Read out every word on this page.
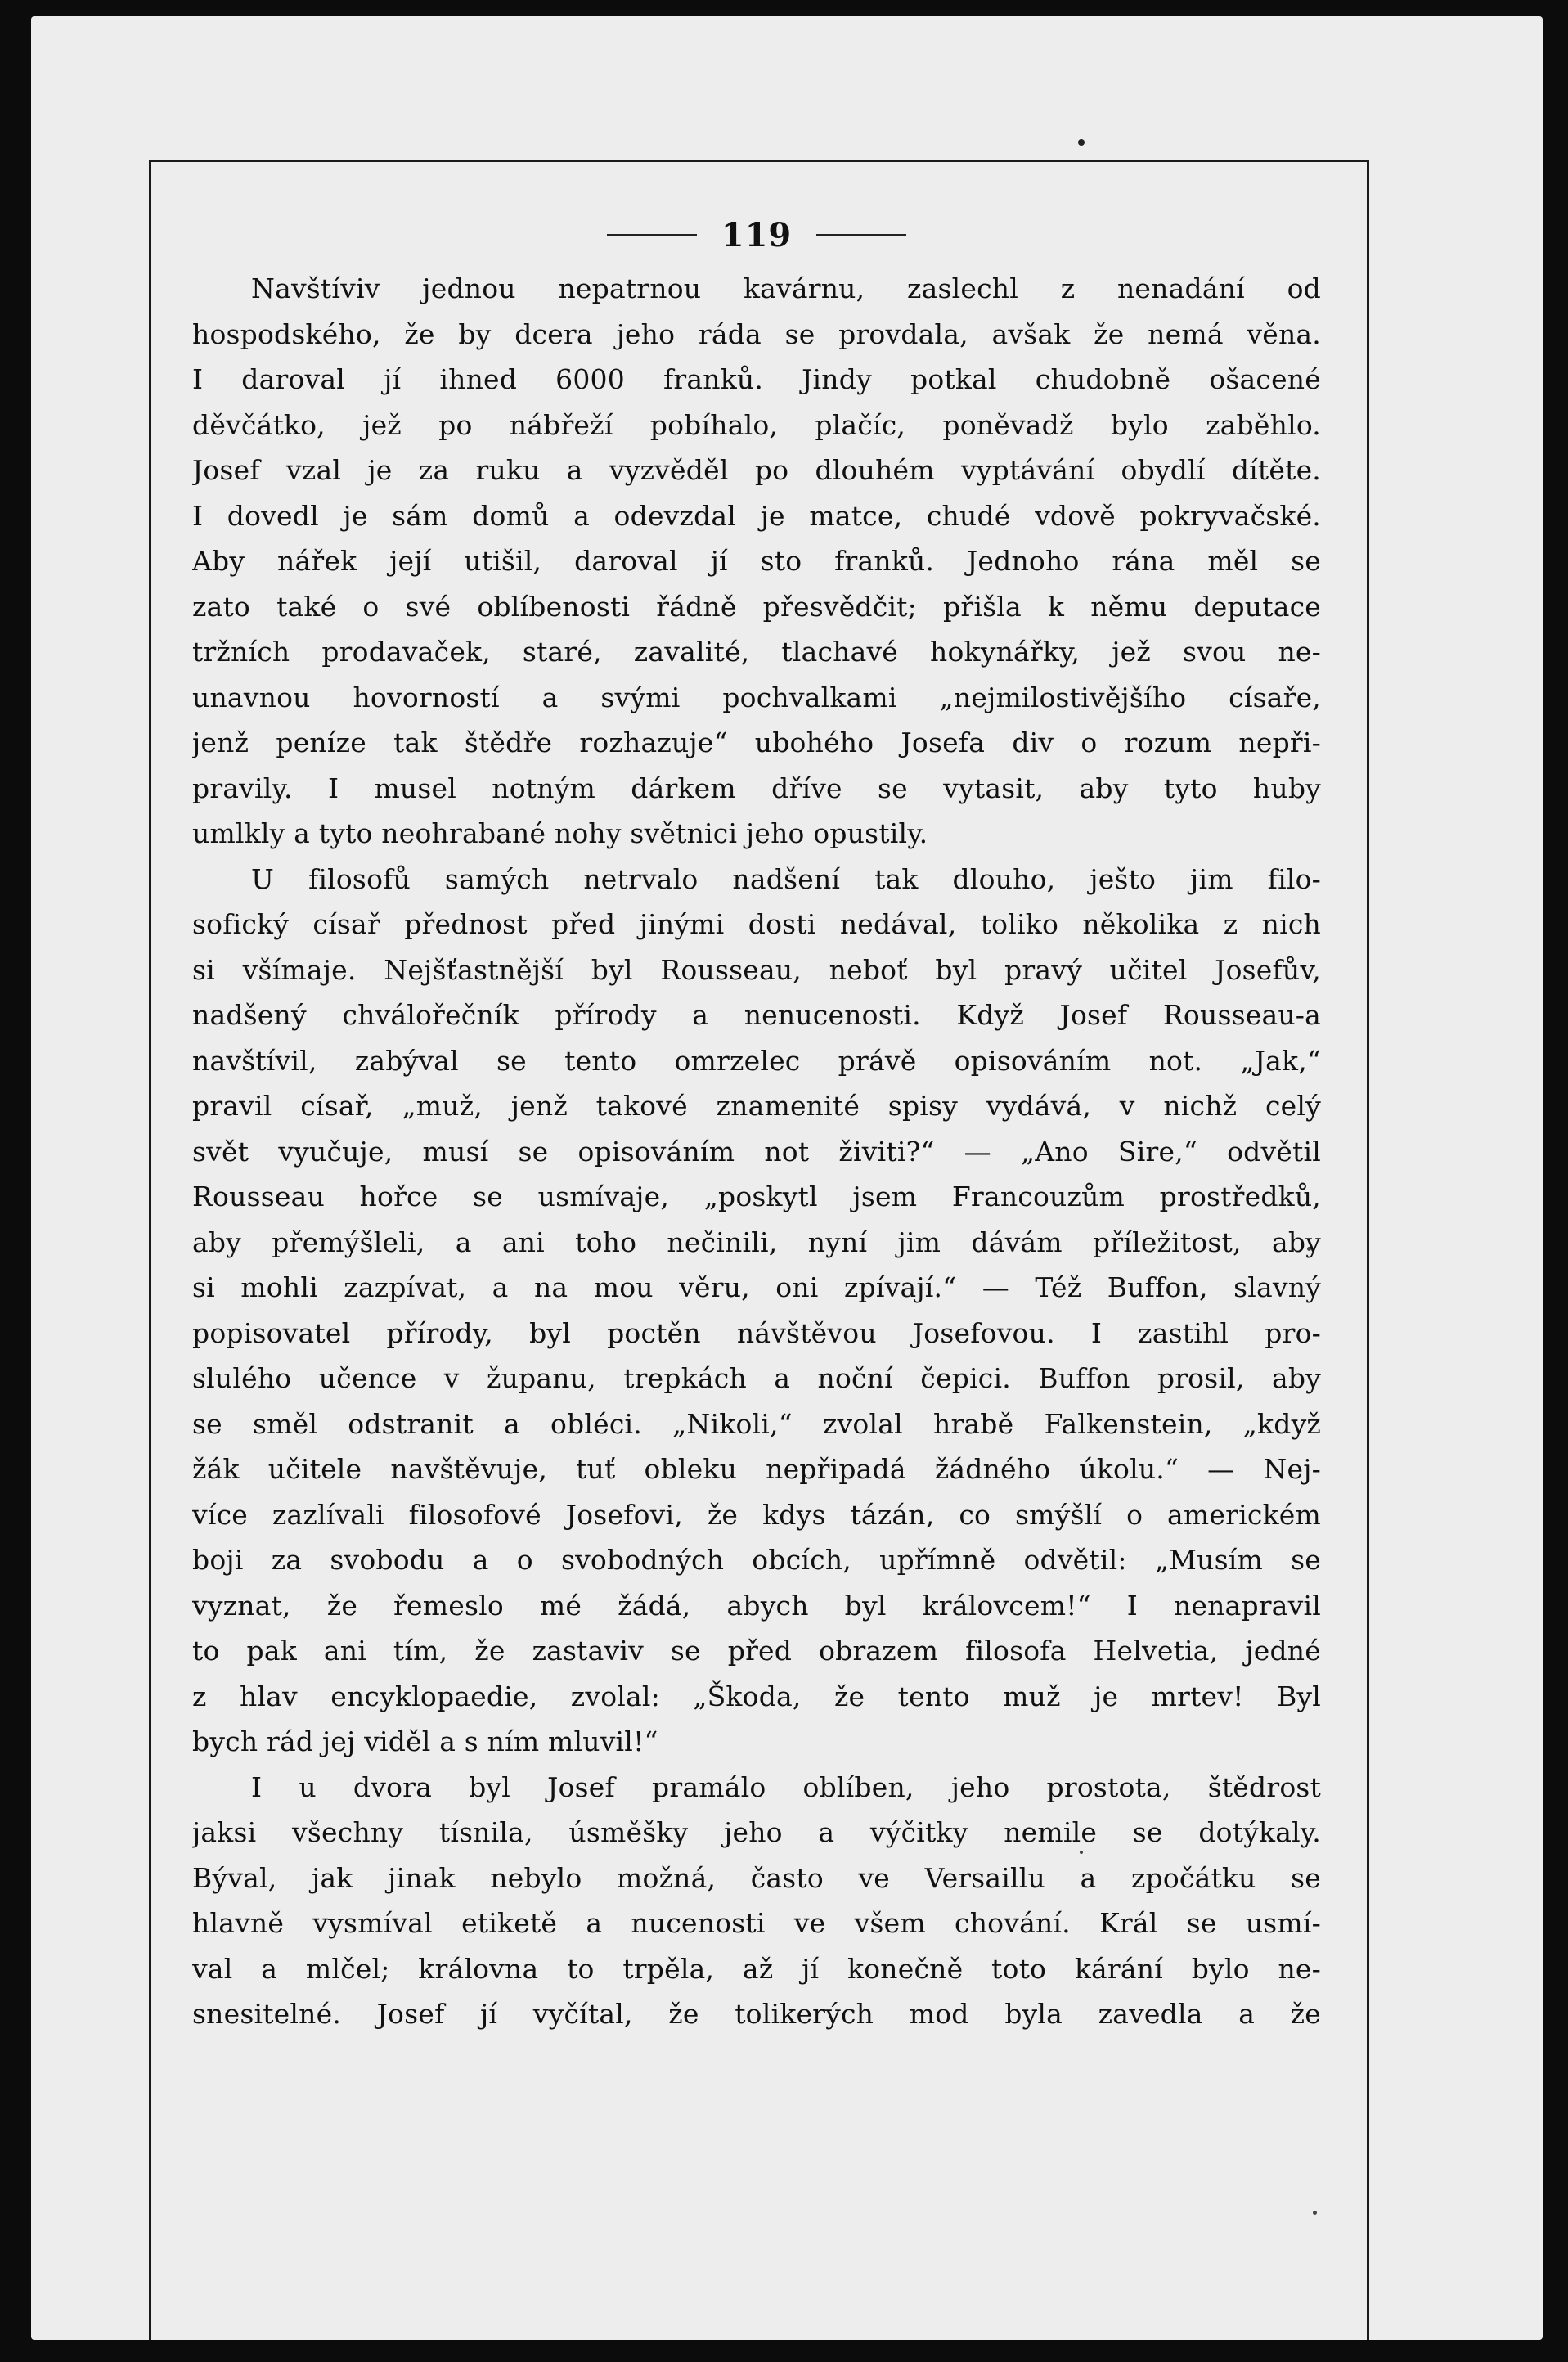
119
Navštíviv jednou nepatrnou kavárnu, zaslechl z nenadání od
hospodského, že by dcera jeho ráda se provdala, avšak že nemá věna.
I daroval jí ihned 6000 franků. Jindy potkal chudobně ošacené
děvčátko, jež po nábřeží pobíhalo, plačíc, poněvadž bylo zaběhlo.
Josef vzal je za ruku a vyzvěděl po dlouhém vyptávání obydlí dítěte.
I dovedl je sám domů a odevzdal je matce, chudé vdově pokryvačské.
Aby nářek její utišil, daroval jí sto franků. Jednoho rána měl se
zato také o své oblíbenosti řádně přesvědčit; přišla k němu deputace
tržních prodavaček, staré, zavalité, tlachavé hokynářky, jež svou ne-
unavnou hovorností a svými pochvalkami „nejmilostivějšího císaře,
jenž peníze tak štědře rozhazuje“ ubohého Josefa div o rozum nepři-
pravily. I musel notným dárkem dříve se vytasit, aby tyto huby
umlkly a tyto neohrabané nohy světnici jeho opustily.
U filosofů samých netrvalo nadšení tak dlouho, ješto jim filo-
sofický císař přednost před jinými dosti nedával, toliko několika z nich
si všímaje. Nejšťastnější byl Rousseau, neboť byl pravý učitel Josefův,
nadšený chválořečník přírody a nenucenosti. Když Josef Rousseau-a
navštívil, zabýval se tento omrzelec právě opisováním not. „Jak,“
pravil císař, „muž, jenž takové znamenité spisy vydává, v nichž celý
svět vyučuje, musí se opisováním not živiti?“ — „Ano Sire,“ odvětil
Rousseau hořce se usmívaje, „poskytl jsem Francouzům prostředků,
aby přemýšleli, a ani toho nečinili, nyní jim dávám příležitost, aby
si mohli zazpívat, a na mou věru, oni zpívají.“ — Též Buffon, slavný
popisovatel přírody, byl poctěn návštěvou Josefovou. I zastihl pro-
slulého učence v županu, trepkách a noční čepici. Buffon prosil, aby
se směl odstranit a obléci. „Nikoli,“ zvolal hrabě Falkenstein, „když
žák učitele navštěvuje, tuť obleku nepřipadá žádného úkolu.“ — Nej-
více zazlívali filosofové Josefovi, že kdys tázán, co smýšlí o americkém
boji za svobodu a o svobodných obcích, upřímně odvětil: „Musím se
vyznat, že řemeslo mé žádá, abych byl královcem!“ I nenapravil
to pak ani tím, že zastaviv se před obrazem filosofa Helvetia, jedné
z hlav encyklopaedie, zvolal: „Škoda, že tento muž je mrtev! Byl
bych rád jej viděl a s ním mluvil!“
I u dvora byl Josef pramálo oblíben, jeho prostota, štědrost
jaksi všechny tísnila, úsměšky jeho a výčitky nemile se dotýkaly.
Býval, jak jinak nebylo možná, často ve Versaillu a zpočátku se
hlavně vysmíval etiketě a nucenosti ve všem chování. Král se usmí-
val a mlčel; královna to trpěla, až jí konečně toto kárání bylo ne-
snesitelné. Josef jí vyčítal, že tolikerých mod byla zavedla a že
